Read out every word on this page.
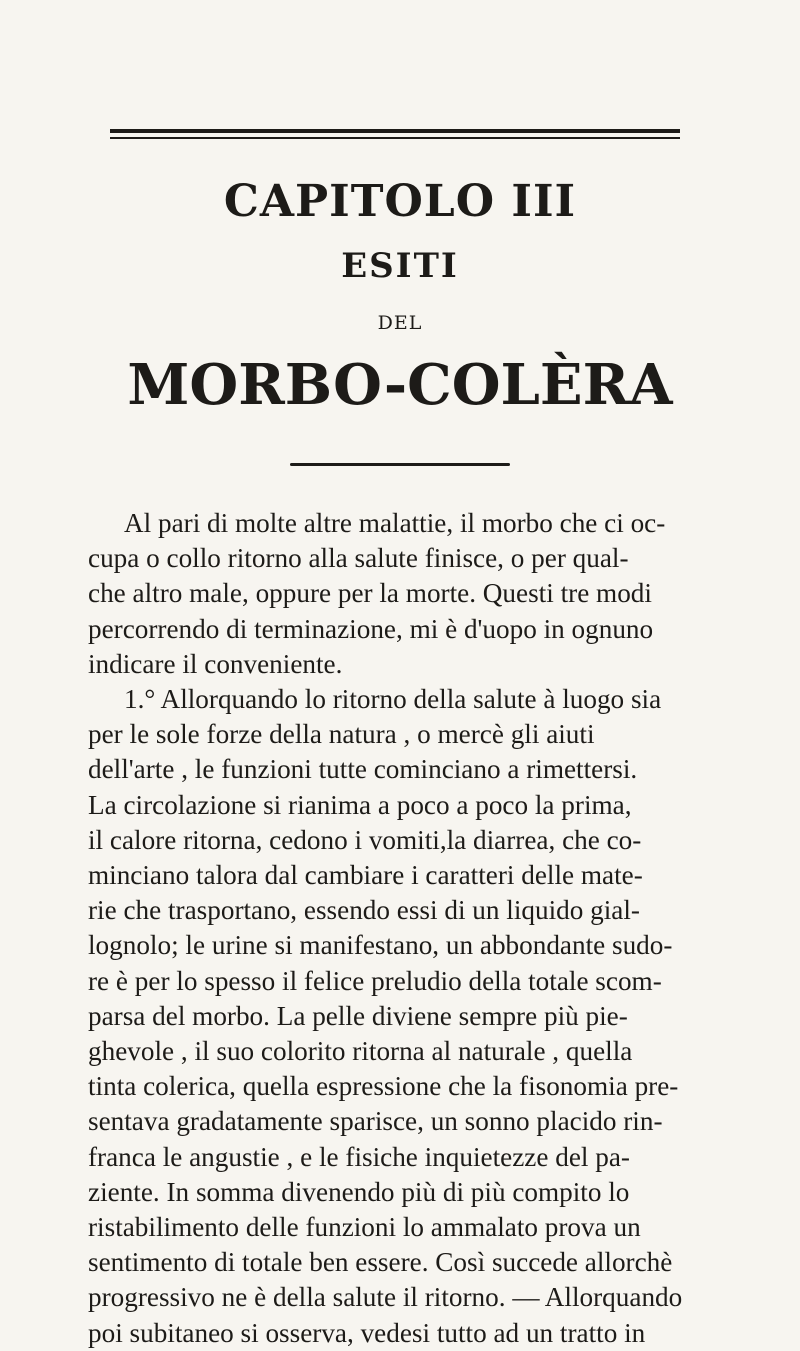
CAPITOLO III
ESITI
DEL
MORBO-COLÈRA
Al pari di molte altre malattie, il morbo che ci oc-
cupa o collo ritorno alla salute finisce, o per qual-
che altro male, oppure per la morte. Questi tre modi
percorrendo di terminazione, mi è d'uopo in ognuno
indicare il conveniente.
1.° Allorquando lo ritorno della salute à luogo sia
per le sole forze della natura , o mercè gli aiuti
dell'arte , le funzioni tutte cominciano a rimettersi.
La circolazione si rianima a poco a poco la prima,
il calore ritorna, cedono i vomiti,la diarrea, che co-
minciano talora dal cambiare i caratteri delle mate-
rie che trasportano, essendo essi di un liquido gial-
lognolo; le urine si manifestano, un abbondante sudo-
re è per lo spesso il felice preludio della totale scom-
parsa del morbo. La pelle diviene sempre più pie-
ghevole , il suo colorito ritorna al naturale , quella
tinta colerica, quella espressione che la fisonomia pre-
sentava gradatamente sparisce, un sonno placido rin-
franca le angustie , e le fisiche inquietezze del pa-
ziente. In somma divenendo più di più compito lo
ristabilimento delle funzioni lo ammalato prova un
sentimento di totale ben essere. Così succede allorchè
progressivo ne è della salute il ritorno. — Allorquando
poi subitaneo si osserva, vedesi tutto ad un tratto in
